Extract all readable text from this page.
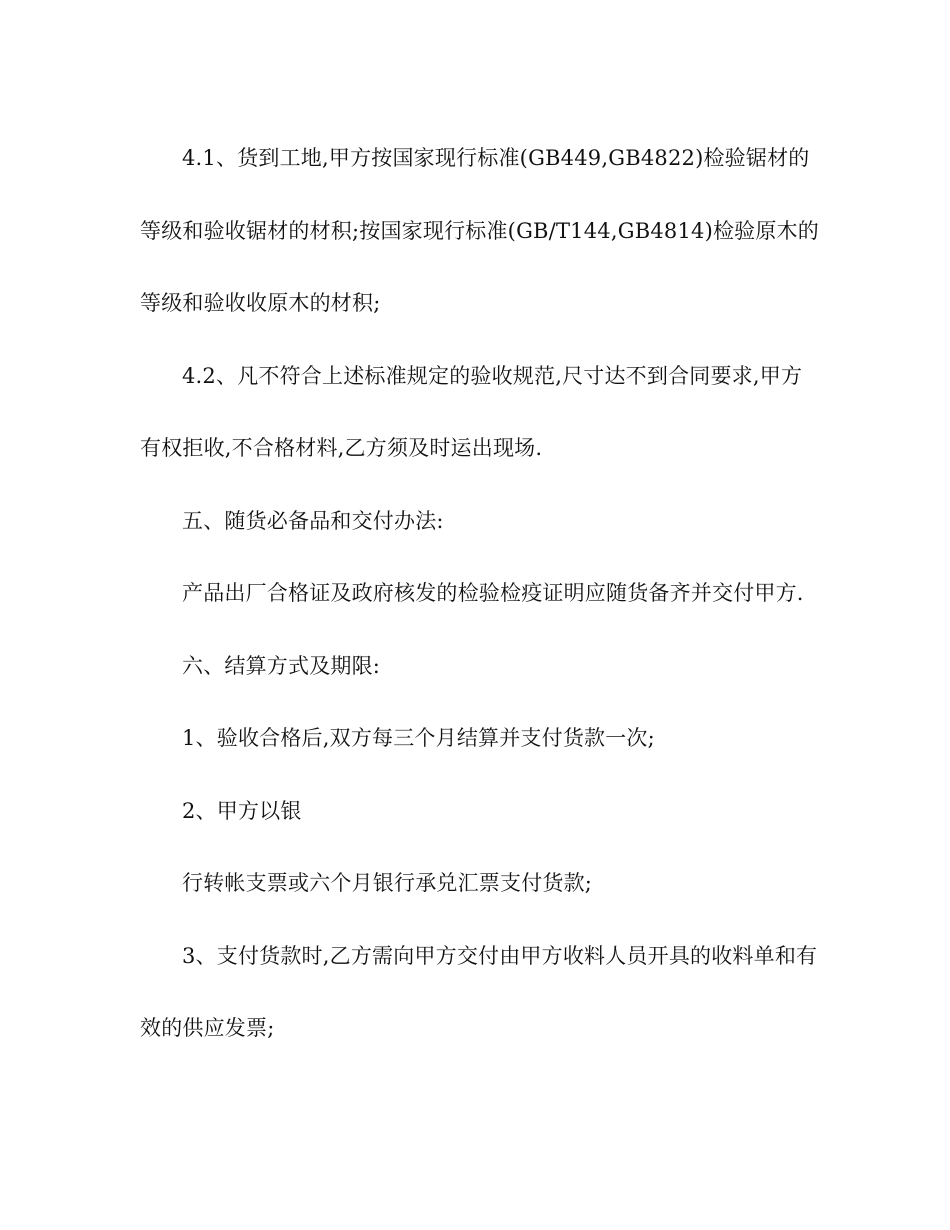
4.1、货到工地,甲方按国家现行标准(GB449,GB4822)检验锯材的等级和验收锯材的材积;按国家现行标准(GB/T144,GB4814)检验原木的等级和验收收原木的材积;

4.2、凡不符合上述标准规定的验收规范,尺寸达不到合同要求,甲方有权拒收,不合格材料,乙方须及时运出现场.

五、随货必备品和交付办法:

产品出厂合格证及政府核发的检验检疫证明应随货备齐并交付甲方.

六、结算方式及期限:

1、验收合格后,双方每三个月结算并支付货款一次;

2、甲方以银

行转帐支票或六个月银行承兑汇票支付货款;

3、支付货款时,乙方需向甲方交付由甲方收料人员开具的收料单和有效的供应发票;
